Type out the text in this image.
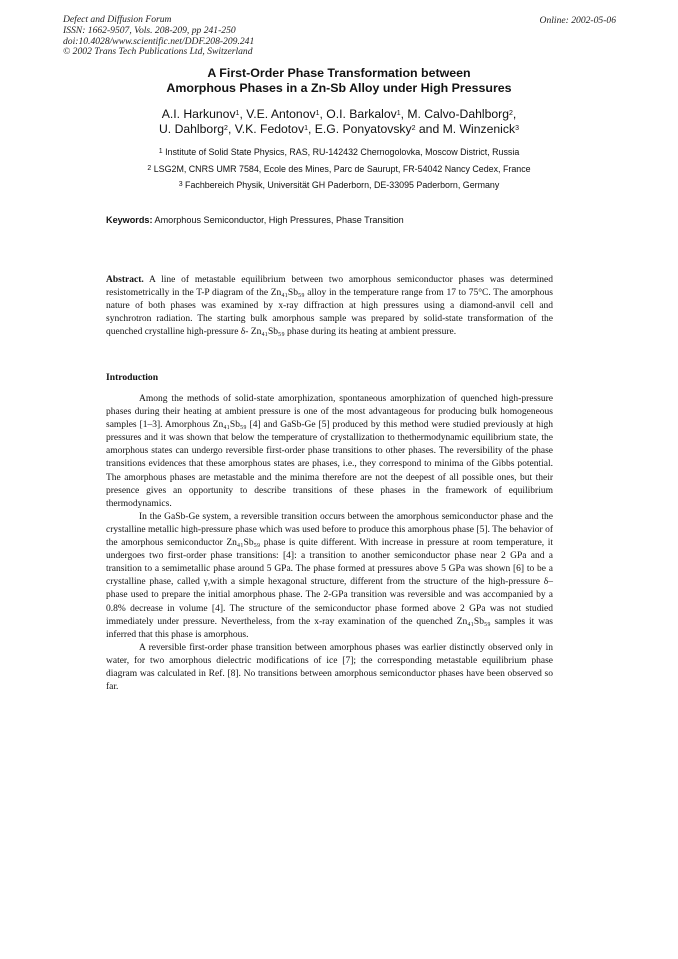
Defect and Diffusion Forum
ISSN: 1662-9507, Vols. 208-209, pp 241-250
doi:10.4028/www.scientific.net/DDF.208-209.241
© 2002 Trans Tech Publications Ltd, Switzerland
Online: 2002-05-06
A First-Order Phase Transformation between
Amorphous Phases in a Zn-Sb Alloy under High Pressures
A.I. Harkunov$^1$, V.E. Antonov$^1$, O.I. Barkalov$^1$, M. Calvo-Dahlborg$^2$,
U. Dahlborg$^2$, V.K. Fedotov$^1$, E.G. Ponyatovsky$^2$ and M. Winzenick$^3$
$^1$ Institute of Solid State Physics, RAS, RU-142432 Chernogolovka, Moscow District, Russia
$^2$ LSG2M, CNRS UMR 7584, Ecole des Mines, Parc de Saurupt, FR-54042 Nancy Cedex, France
$^3$ Fachbereich Physik, Universität GH Paderborn, DE-33095 Paderborn, Germany
Keywords: Amorphous Semiconductor, High Pressures, Phase Transition
Abstract. A line of metastable equilibrium between two amorphous semiconductor phases was determined resistometrically in the T-P diagram of the Zn₄₁Sb₅₉ alloy in the temperature range from 17 to 75°C. The amorphous nature of both phases was examined by x-ray diffraction at high pressures using a diamond-anvil cell and synchrotron radiation. The starting bulk amorphous sample was prepared by solid-state transformation of the quenched crystalline high-pressure δ- Zn₄₁Sb₅₉ phase during its heating at ambient pressure.
Introduction

Among the methods of solid-state amorphization, spontaneous amorphization of quenched high-pressure phases during their heating at ambient pressure is one of the most advantageous for producing bulk homogeneous samples [1–3]. Amorphous Zn₄₁Sb₅₉ [4] and GaSb-Ge [5] produced by this method were studied previously at high pressures and it was shown that below the temperature of crystallization to thethermodynamic equilibrium state, the amorphous states can undergo reversible first-order phase transitions to other phases. The reversibility of the phase transitions evidences that these amorphous states are phases, i.e., they correspond to minima of the Gibbs potential. The amorphous phases are metastable and the minima therefore are not the deepest of all possible ones, but their presence gives an opportunity to describe transitions of these phases in the framework of equilibrium thermodynamics.

In the GaSb-Ge system, a reversible transition occurs between the amorphous semiconductor phase and the crystalline metallic high-pressure phase which was used before to produce this amorphous phase [5]. The behavior of the amorphous semiconductor Zn₄₁Sb₅₉ phase is quite different. With increase in pressure at room temperature, it undergoes two first-order phase transitions: [4]: a transition to another semiconductor phase near 2 GPa and a transition to a semimetallic phase around 5 GPa. The phase formed at pressures above 5 GPa was shown [6] to be a crystalline phase, called γ,with a simple hexagonal structure, different from the structure of the high-pressure δ–phase used to prepare the initial amorphous phase. The 2-GPa transition was reversible and was accompanied by a 0.8% decrease in volume [4]. The structure of the semiconductor phase formed above 2 GPa was not studied immediately under pressure. Nevertheless, from the x-ray examination of the quenched Zn₄₁Sb₅₉ samples it was inferred that this phase is amorphous.

A reversible first-order phase transition between amorphous phases was earlier distinctly observed only in water, for two amorphous dielectric modifications of ice [7]; the corresponding metastable equilibrium phase diagram was calculated in Ref. [8]. No transitions between amorphous semiconductor phases have been observed so far.
